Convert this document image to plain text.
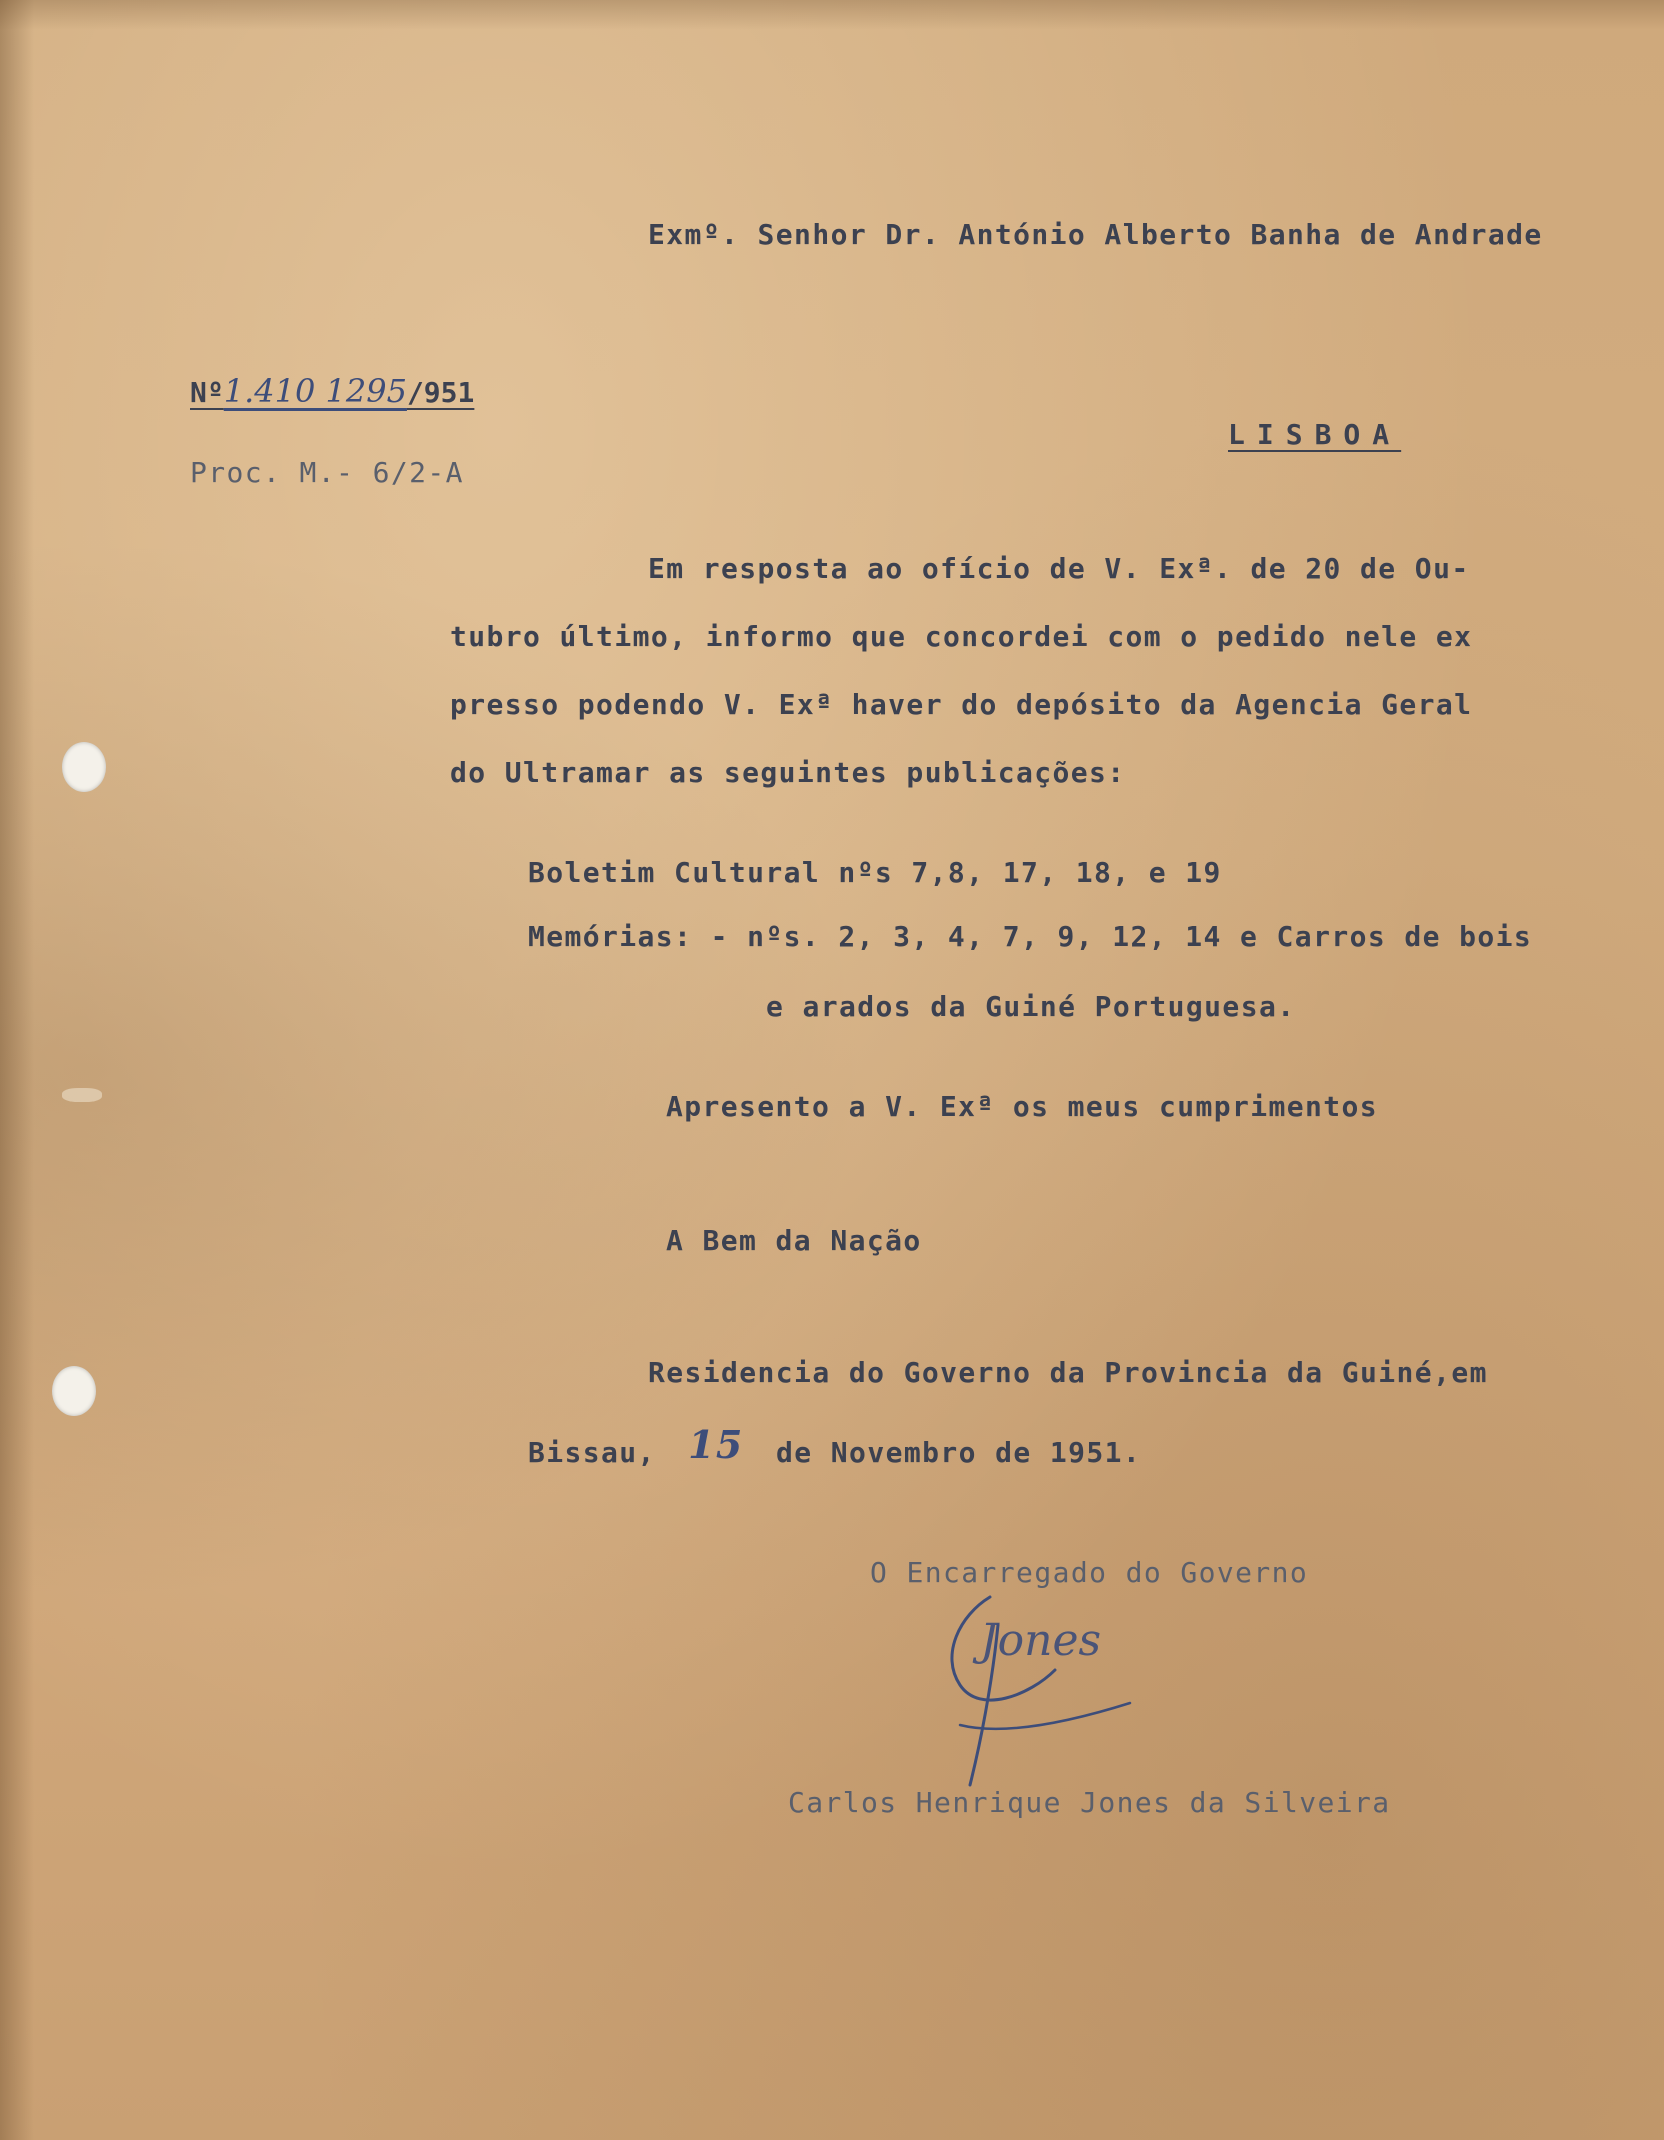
Exmº. Senhor Dr. António Alberto Banha de Andrade

Nº1.410 1295/951

Proc. M.- 6/2-A

LISBOA

Em resposta ao ofício de V. Exª. de 20 de Ou-

tubro último, informo que concordei com o pedido nele ex

presso podendo V. Exª haver do depósito da Agencia Geral

do Ultramar as seguintes publicações:

Boletim Cultural nºs 7,8, 17, 18, e 19

Memórias: - nºs. 2, 3, 4, 7, 9, 12, 14 e Carros de bois

e arados da Guiné Portuguesa.

Apresento a V. Exª os meus cumprimentos

A Bem da Nação

Residencia do Governo da Provincia da Guiné,em

Bissau, 15 de Novembro de 1951.

O Encarregado do Governo

Jones

Carlos Henrique Jones da Silveira
